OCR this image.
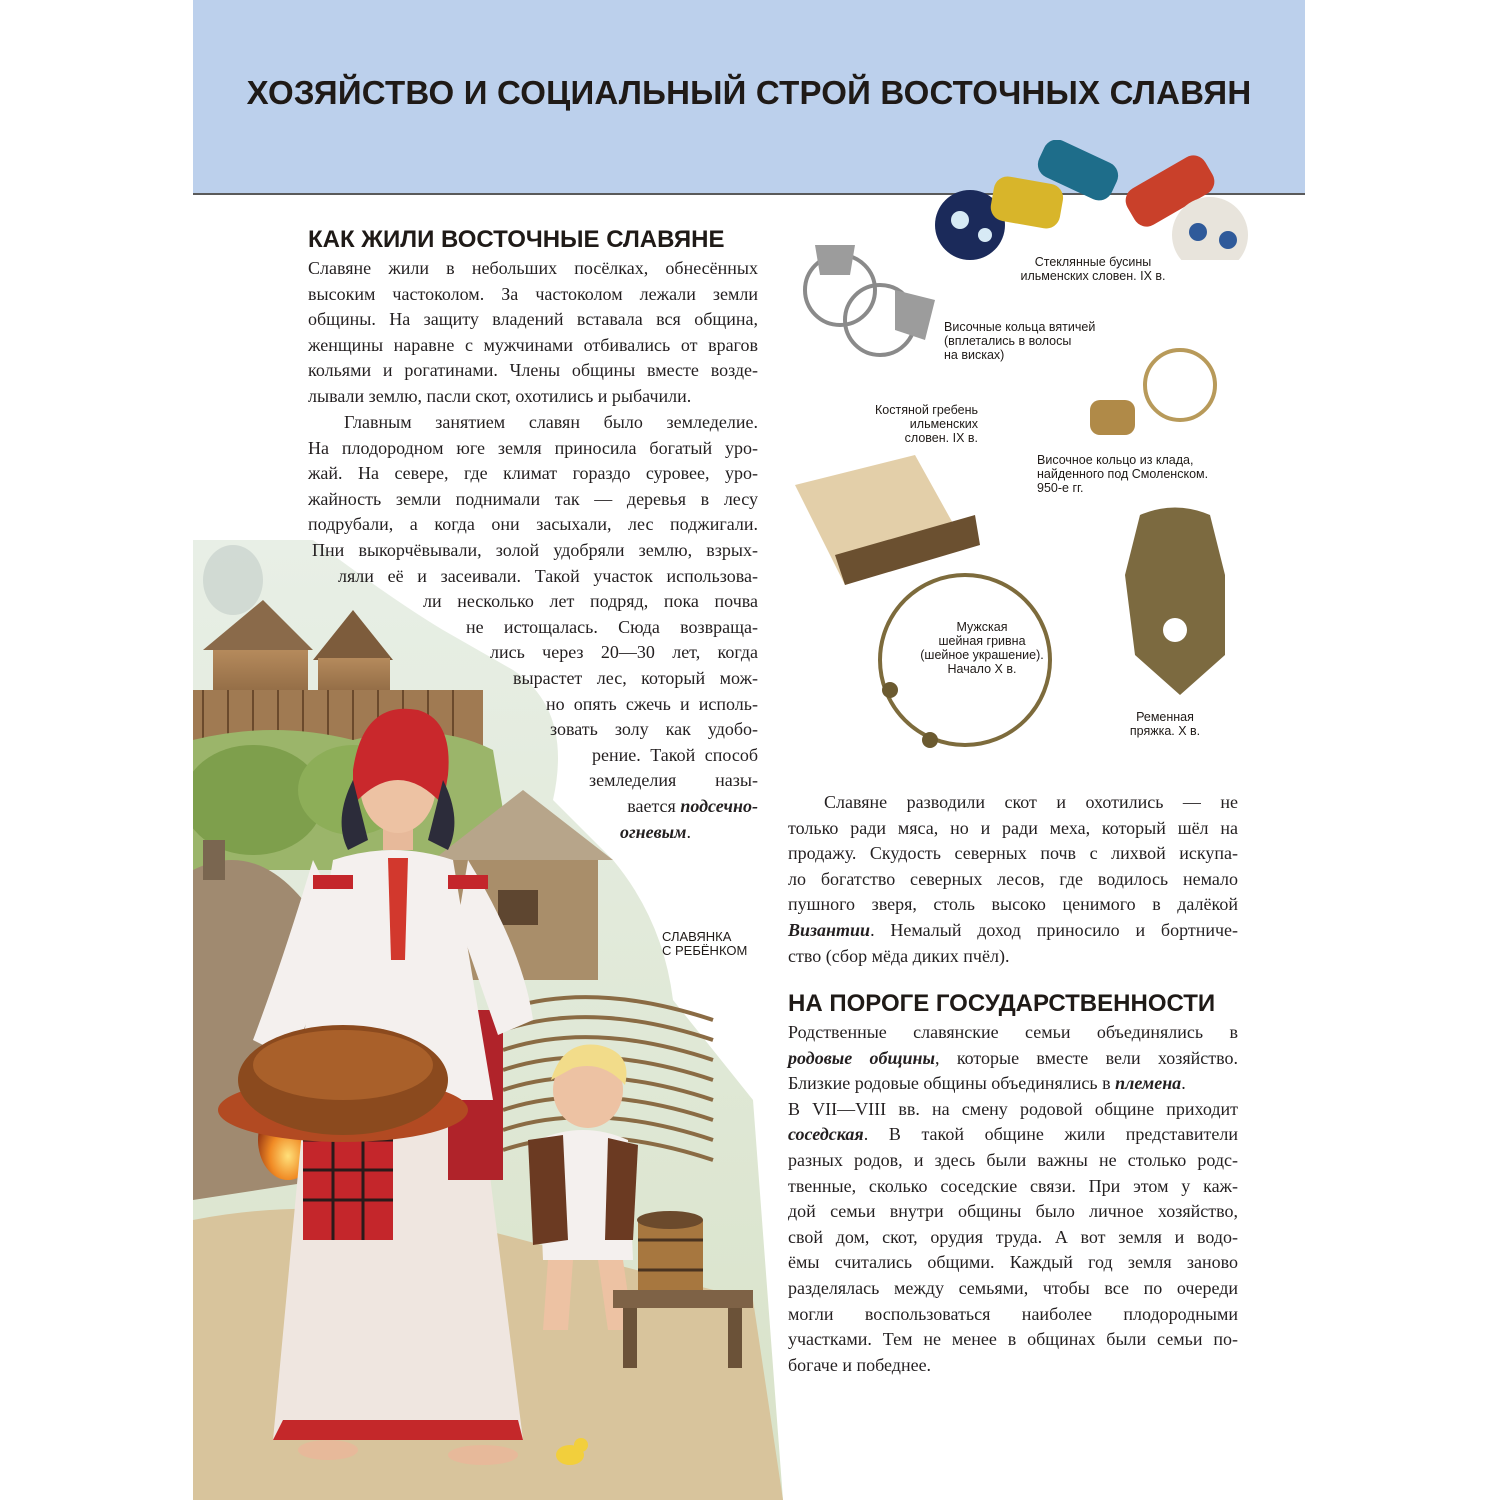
ХОЗЯЙСТВО И СОЦИАЛЬНЫЙ СТРОЙ ВОСТОЧНЫХ СЛАВЯН
КАК ЖИЛИ ВОСТОЧНЫЕ СЛАВЯНЕ
Славяне жили в небольших посёлках, обнесённых
высоким частоколом. За частоколом лежали земли
общины. На защиту владений вставала вся община,
женщины наравне с мужчинами отбивались от врагов
кольями и рогатинами. Члены общины вместе возде-
лывали землю, пасли скот, охотились и рыбачили.
Главным занятием славян было земледелие.
На плодородном юге земля приносила богатый уро-
жай. На севере, где климат гораздо суровее, уро-
жайность земли поднимали так — деревья в лесу
подрубали, а когда они засыхали, лес поджигали.
Пни выкорчёвывали, золой удобряли землю, взрых-
ляли её и засеивали. Такой участок использова-
ли несколько лет подряд, пока почва
не истощалась. Сюда возвраща-
лись через 20—30 лет, когда
вырастет лес, который мож-
но опять сжечь и исполь-
зовать золу как удобо-
рение. Такой способ
земледелия назы-
вается подсечно-
огневым.
СЛАВЯНКА
С РЕБЁНКОМ
Стеклянные бусины
ильменских словен. IX в.
Височные кольца вятичей
(вплетались в волосы
на висках)
Костяной гребень
ильменских
словен. IX в.
Височное кольцо из клада,
найденного под Смоленском.
950-е гг.
Мужская
шейная гривна
(шейное украшение).
Начало X в.
Ременная
пряжка. X в.
Славяне разводили скот и охотились — не
только ради мяса, но и ради меха, который шёл на
продажу. Скудость северных почв с лихвой искупа-
ло богатство северных лесов, где водилось немало
пушного зверя, столь высоко ценимого в далёкой
Византии. Немалый доход приносило и бортниче-
ство (сбор мёда диких пчёл).
НА ПОРОГЕ ГОСУДАРСТВЕННОСТИ
Родственные славянские семьи объединялись в
родовые общины, которые вместе вели хозяйство.
Близкие родовые общины объединялись в племена.
В VII—VIII вв. на смену родовой общине приходит
соседская. В такой общине жили представители
разных родов, и здесь были важны не столько родс-
твенные, сколько соседские связи. При этом у каж-
дой семьи внутри общины было личное хозяйство,
свой дом, скот, орудия труда. А вот земля и водо-
ёмы считались общими. Каждый год земля заново
разделялась между семьями, чтобы все по очереди
могли воспользоваться наиболее плодородными
участками. Тем не менее в общинах были семьи по-
богаче и победнее.
